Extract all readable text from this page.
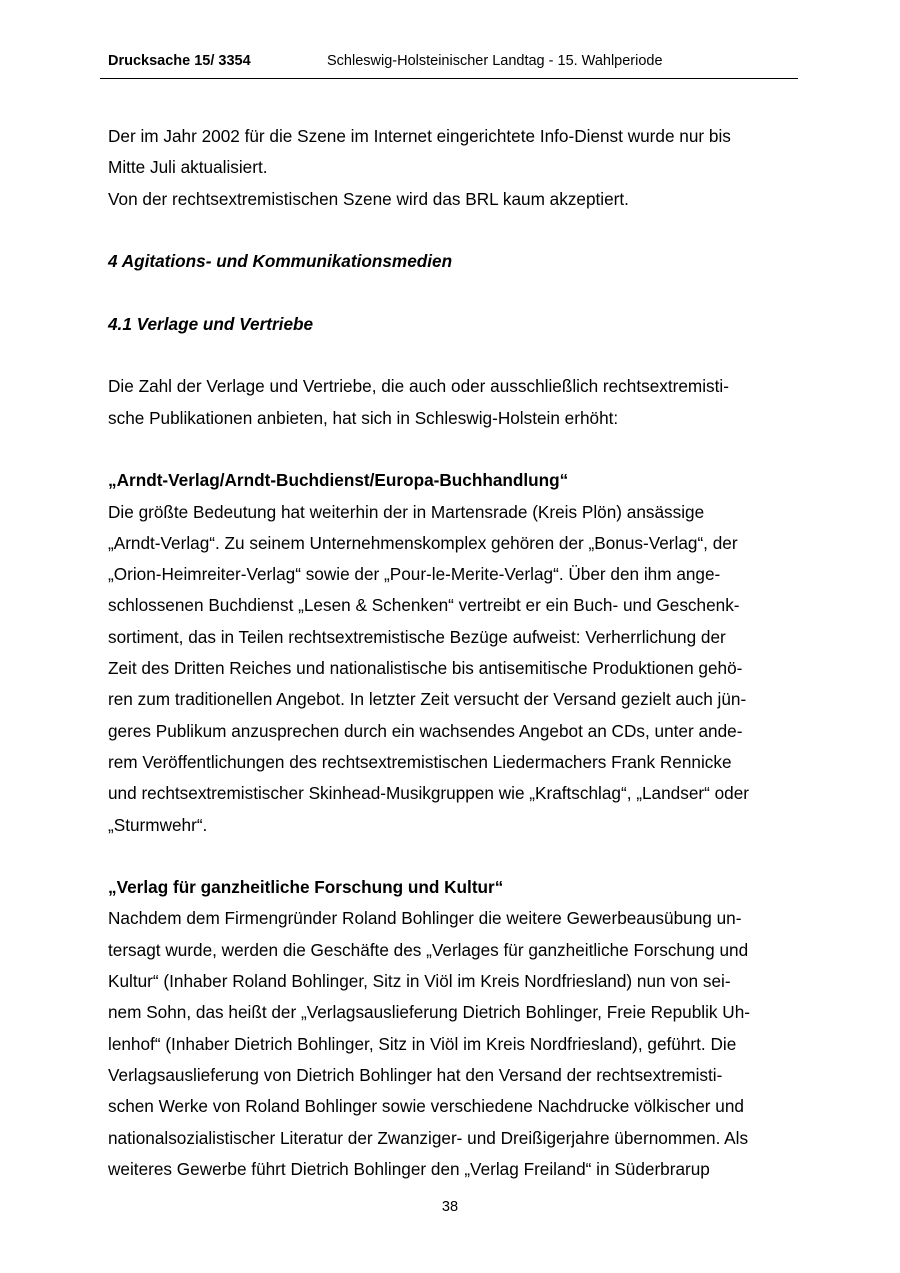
Drucksache 15/ 3354	Schleswig-Holsteinischer Landtag - 15. Wahlperiode

Der im Jahr 2002 für die Szene im Internet eingerichtete Info-Dienst wurde nur bis
Mitte Juli aktualisiert.
Von der rechtsextremistischen Szene wird das BRL kaum akzeptiert.

4 Agitations- und Kommunikationsmedien

4.1 Verlage und Vertriebe

Die Zahl der Verlage und Vertriebe, die auch oder ausschließlich rechtsextremisti-
sche Publikationen anbieten, hat sich in Schleswig-Holstein erhöht:

„Arndt-Verlag/Arndt-Buchdienst/Europa-Buchhandlung“

Die größte Bedeutung hat weiterhin der in Martensrade (Kreis Plön) ansässige
„Arndt-Verlag“. Zu seinem Unternehmenskomplex gehören der „Bonus-Verlag“, der
„Orion-Heimreiter-Verlag“ sowie der „Pour-le-Merite-Verlag“. Über den ihm ange-
schlossenen Buchdienst „Lesen & Schenken“ vertreibt er ein Buch- und Geschenk-
sortiment, das in Teilen rechtsextremistische Bezüge aufweist: Verherrlichung der
Zeit des Dritten Reiches und nationalistische bis antisemitische Produktionen gehö-
ren zum traditionellen Angebot. In letzter Zeit versucht der Versand gezielt auch jün-
geres Publikum anzusprechen durch ein wachsendes Angebot an CDs, unter ande-
rem Veröffentlichungen des rechtsextremistischen Liedermachers Frank Rennicke
und rechtsextremistischer Skinhead-Musikgruppen wie „Kraftschlag“, „Landser“ oder
„Sturmwehr“.

„Verlag für ganzheitliche Forschung und Kultur“

Nachdem dem Firmengründer Roland Bohlinger die weitere Gewerbeausübung un-
tersagt wurde, werden die Geschäfte des „Verlages für ganzheitliche Forschung und
Kultur“ (Inhaber Roland Bohlinger, Sitz in Viöl im Kreis Nordfriesland) nun von sei-
nem Sohn, das heißt der „Verlagsauslieferung Dietrich Bohlinger, Freie Republik Uh-
lenhof“ (Inhaber Dietrich Bohlinger, Sitz in Viöl im Kreis Nordfriesland), geführt. Die
Verlagsauslieferung von Dietrich Bohlinger hat den Versand der rechtsextremisti-
schen Werke von Roland Bohlinger sowie verschiedene Nachdrucke völkischer und
nationalsozialistischer Literatur der Zwanziger- und Dreißigerjahre übernommen. Als
weiteres Gewerbe führt Dietrich Bohlinger den „Verlag Freiland“ in Süderbrarup

38
